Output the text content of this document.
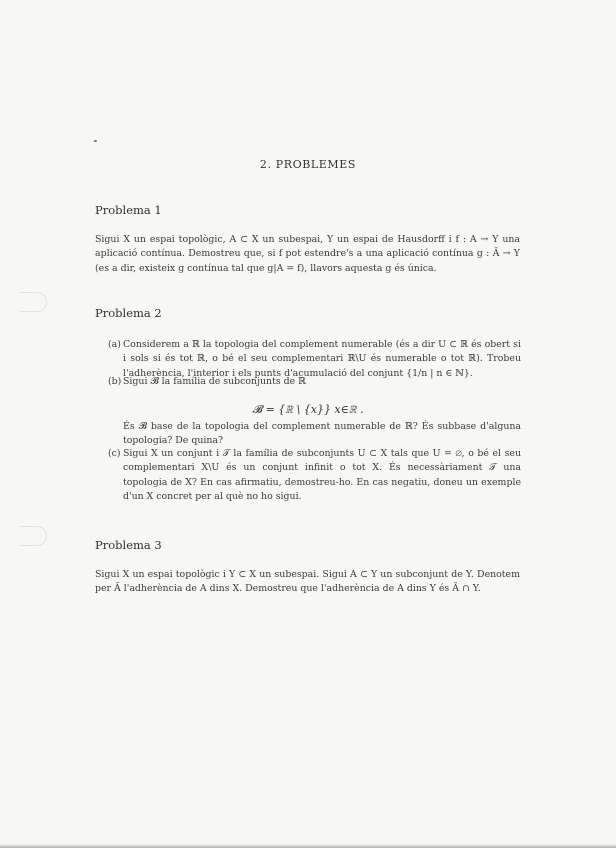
2. PROBLEMES
Problema 1
Sigui X un espai topològic, A ⊂ X un subespai, Y un espai de Hausdorff i f : A → Y una aplicació contínua. Demostreu que, si f pot estendre's a una aplicació contínua g : Ā → Y (es a dir, existeix g contínua tal que g|A = f), llavors aquesta g és única.
Problema 2
(a) Considerem a ℝ la topologia del complement numerable (és a dir U ⊂ ℝ és obert si i sols si és tot ℝ, o bé el seu complementari ℝ\U és numerable o tot ℝ). Trobeu l'adherència, l'interior i els punts d'acumulació del conjunt {1/n | n ∈ ℕ}.
(b) Sigui 𝓑 la família de subconjunts de ℝ
𝓑 = {ℝ \ {x}} x∈ℝ .
És 𝓑 base de la topologia del complement numerable de ℝ? És subbase d'alguna topologia? De quina?
(c) Sigui X un conjunt i 𝒯 la família de subconjunts U ⊂ X tals que U = ∅, o bé el seu complementari X\U és un conjunt infinit o tot X. És necessàriament 𝒯 una topologia de X? En cas afirmatiu, demostreu-ho. En cas negatiu, doneu un exemple d'un X concret per al què no ho sigui.
Problema 3
Sigui X un espai topològic i Y ⊂ X un subespai. Sigui A ⊂ Y un subconjunt de Y. Denotem per Ā l'adherència de A dins X. Demostreu que l'adherència de A dins Y és Ā ∩ Y.
